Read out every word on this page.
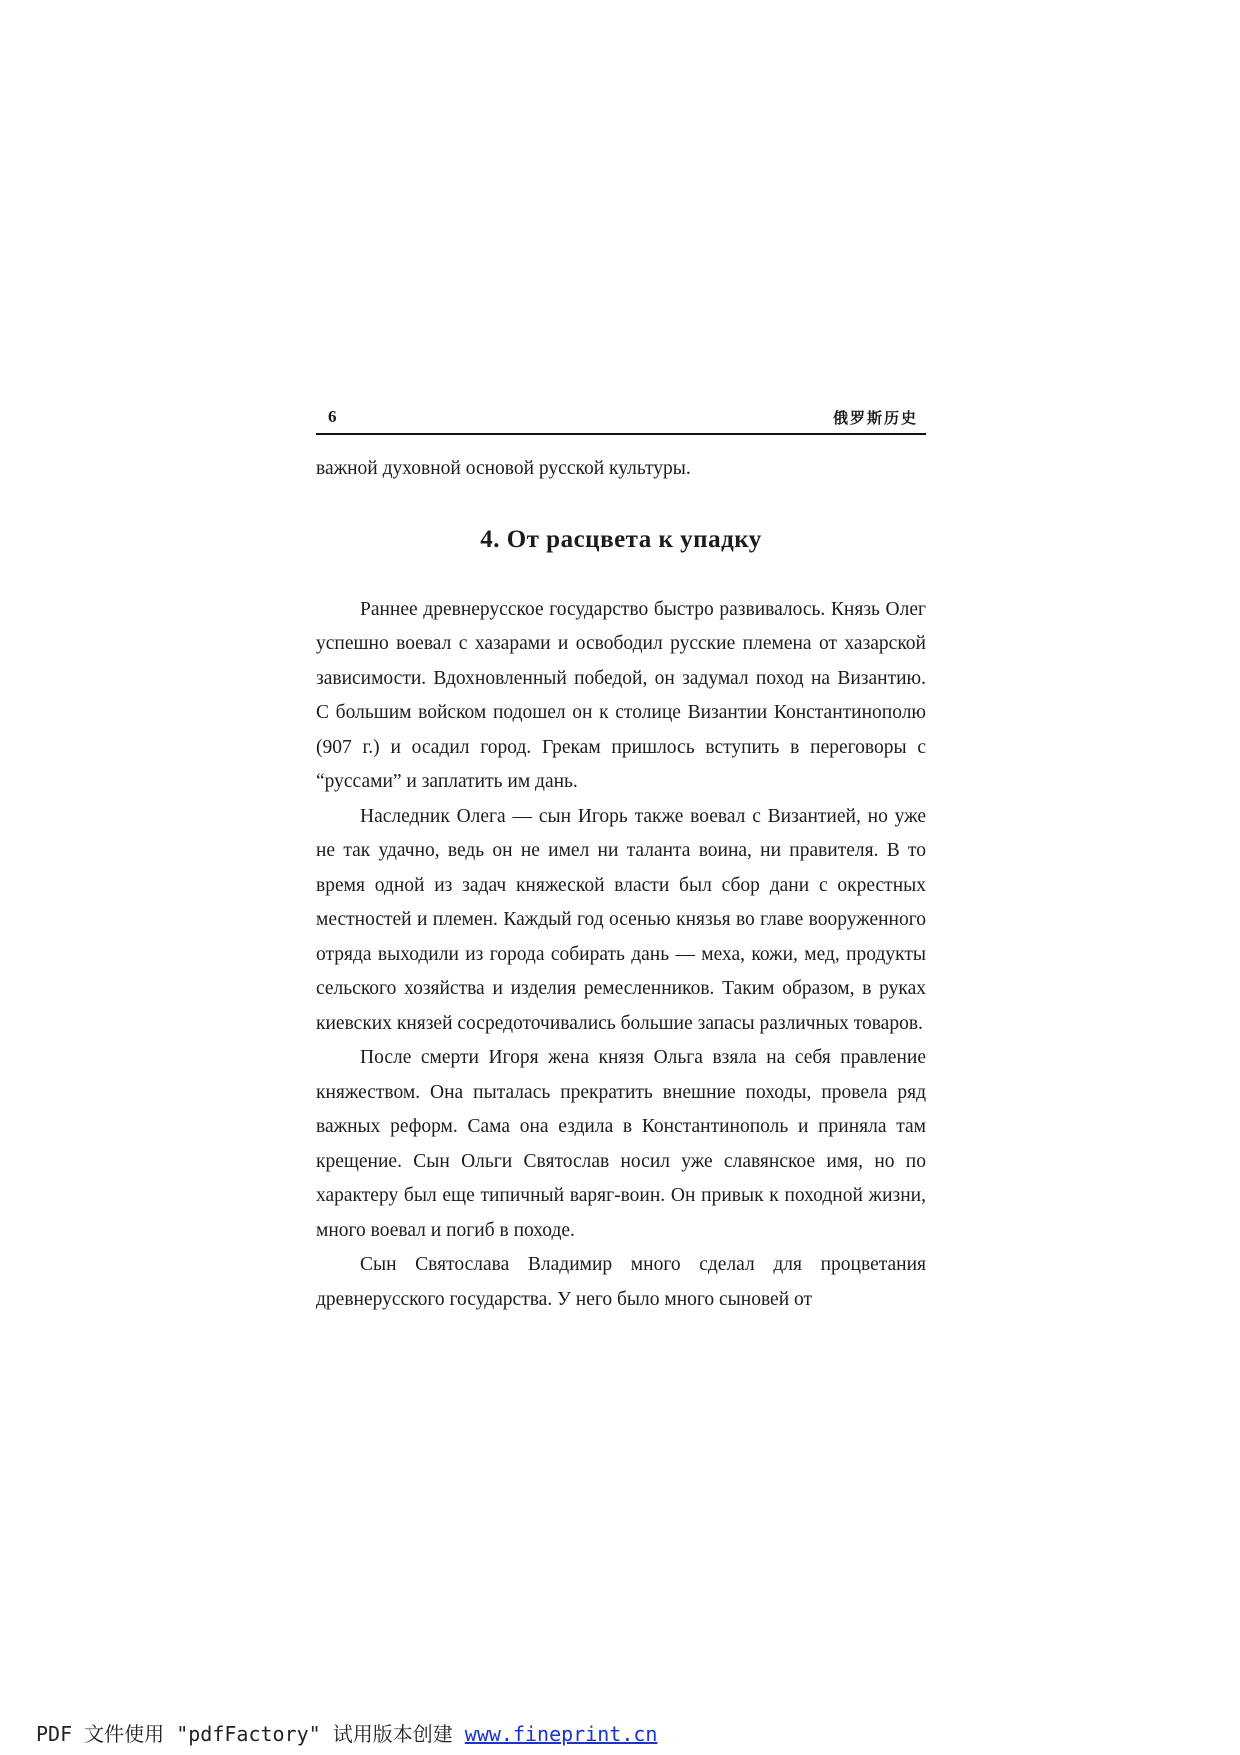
6	俄罗斯历史

важной духовной основой русской культуры.

4. От расцвета к упадку

Раннее древнерусское государство быстро развивалось. Князь Олег успешно воевал с хазарами и освободил русские племена от хазарской зависимости. Вдохновленный победой, он задумал поход на Византию. С большим войском подошел он к столице Византии Константинополю (907 г.) и осадил город. Грекам пришлось вступить в переговоры с “руссами” и заплатить им дань.

Наследник Олега — сын Игорь также воевал с Византией, но уже не так удачно, ведь он не имел ни таланта воина, ни правителя. В то время одной из задач княжеской власти был сбор дани с окрестных местностей и племен. Каждый год осенью князья во главе вооруженного отряда выходили из города собирать дань — меха, кожи, мед, продукты сельского хозяйства и изделия ремесленников. Таким образом, в руках киевских князей сосредоточивались большие запасы различных товаров.

После смерти Игоря жена князя Ольга взяла на себя правление княжеством. Она пыталась прекратить внешние походы, провела ряд важных реформ. Сама она ездила в Константинополь и приняла там крещение. Сын Ольги Святослав носил уже славянское имя, но по характеру был еще типичный варяг-воин. Он привык к походной жизни, много воевал и погиб в походе.

Сын Святослава Владимир много сделал для процветания древнерусского государства. У него было много сыновей от

PDF 文件使用 "pdfFactory" 试用版本创建 www.fineprint.cn
